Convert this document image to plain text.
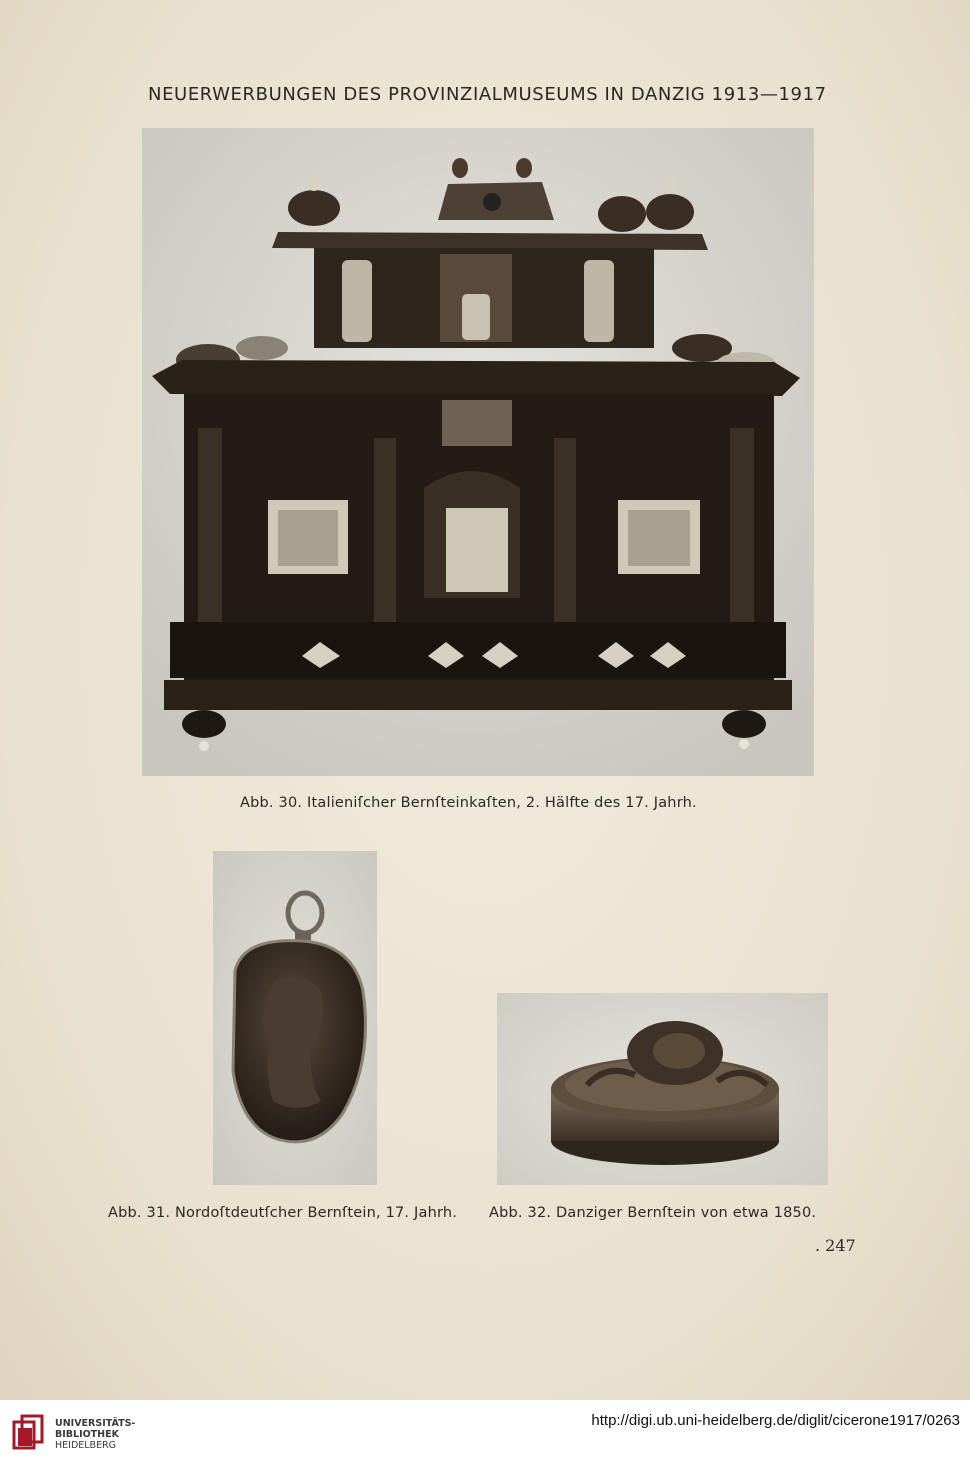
NEUERWERBUNGEN DES PROVINZIALMUSEUMS IN DANZIG 1913—1917
Abb. 30. Italieniſcher Bernſteinkaſten, 2. Hälfte des 17. Jahrh.
Abb. 31. Nordoſtdeutſcher Bernſtein, 17. Jahrh. Abb. 32. Danziger Bernſtein von etwa 1850.
. 247
UNIVERSITÄTS-
BIBLIOTHEK
HEIDELBERG
http://digi.ub.uni-heidelberg.de/diglit/cicerone1917/0263
